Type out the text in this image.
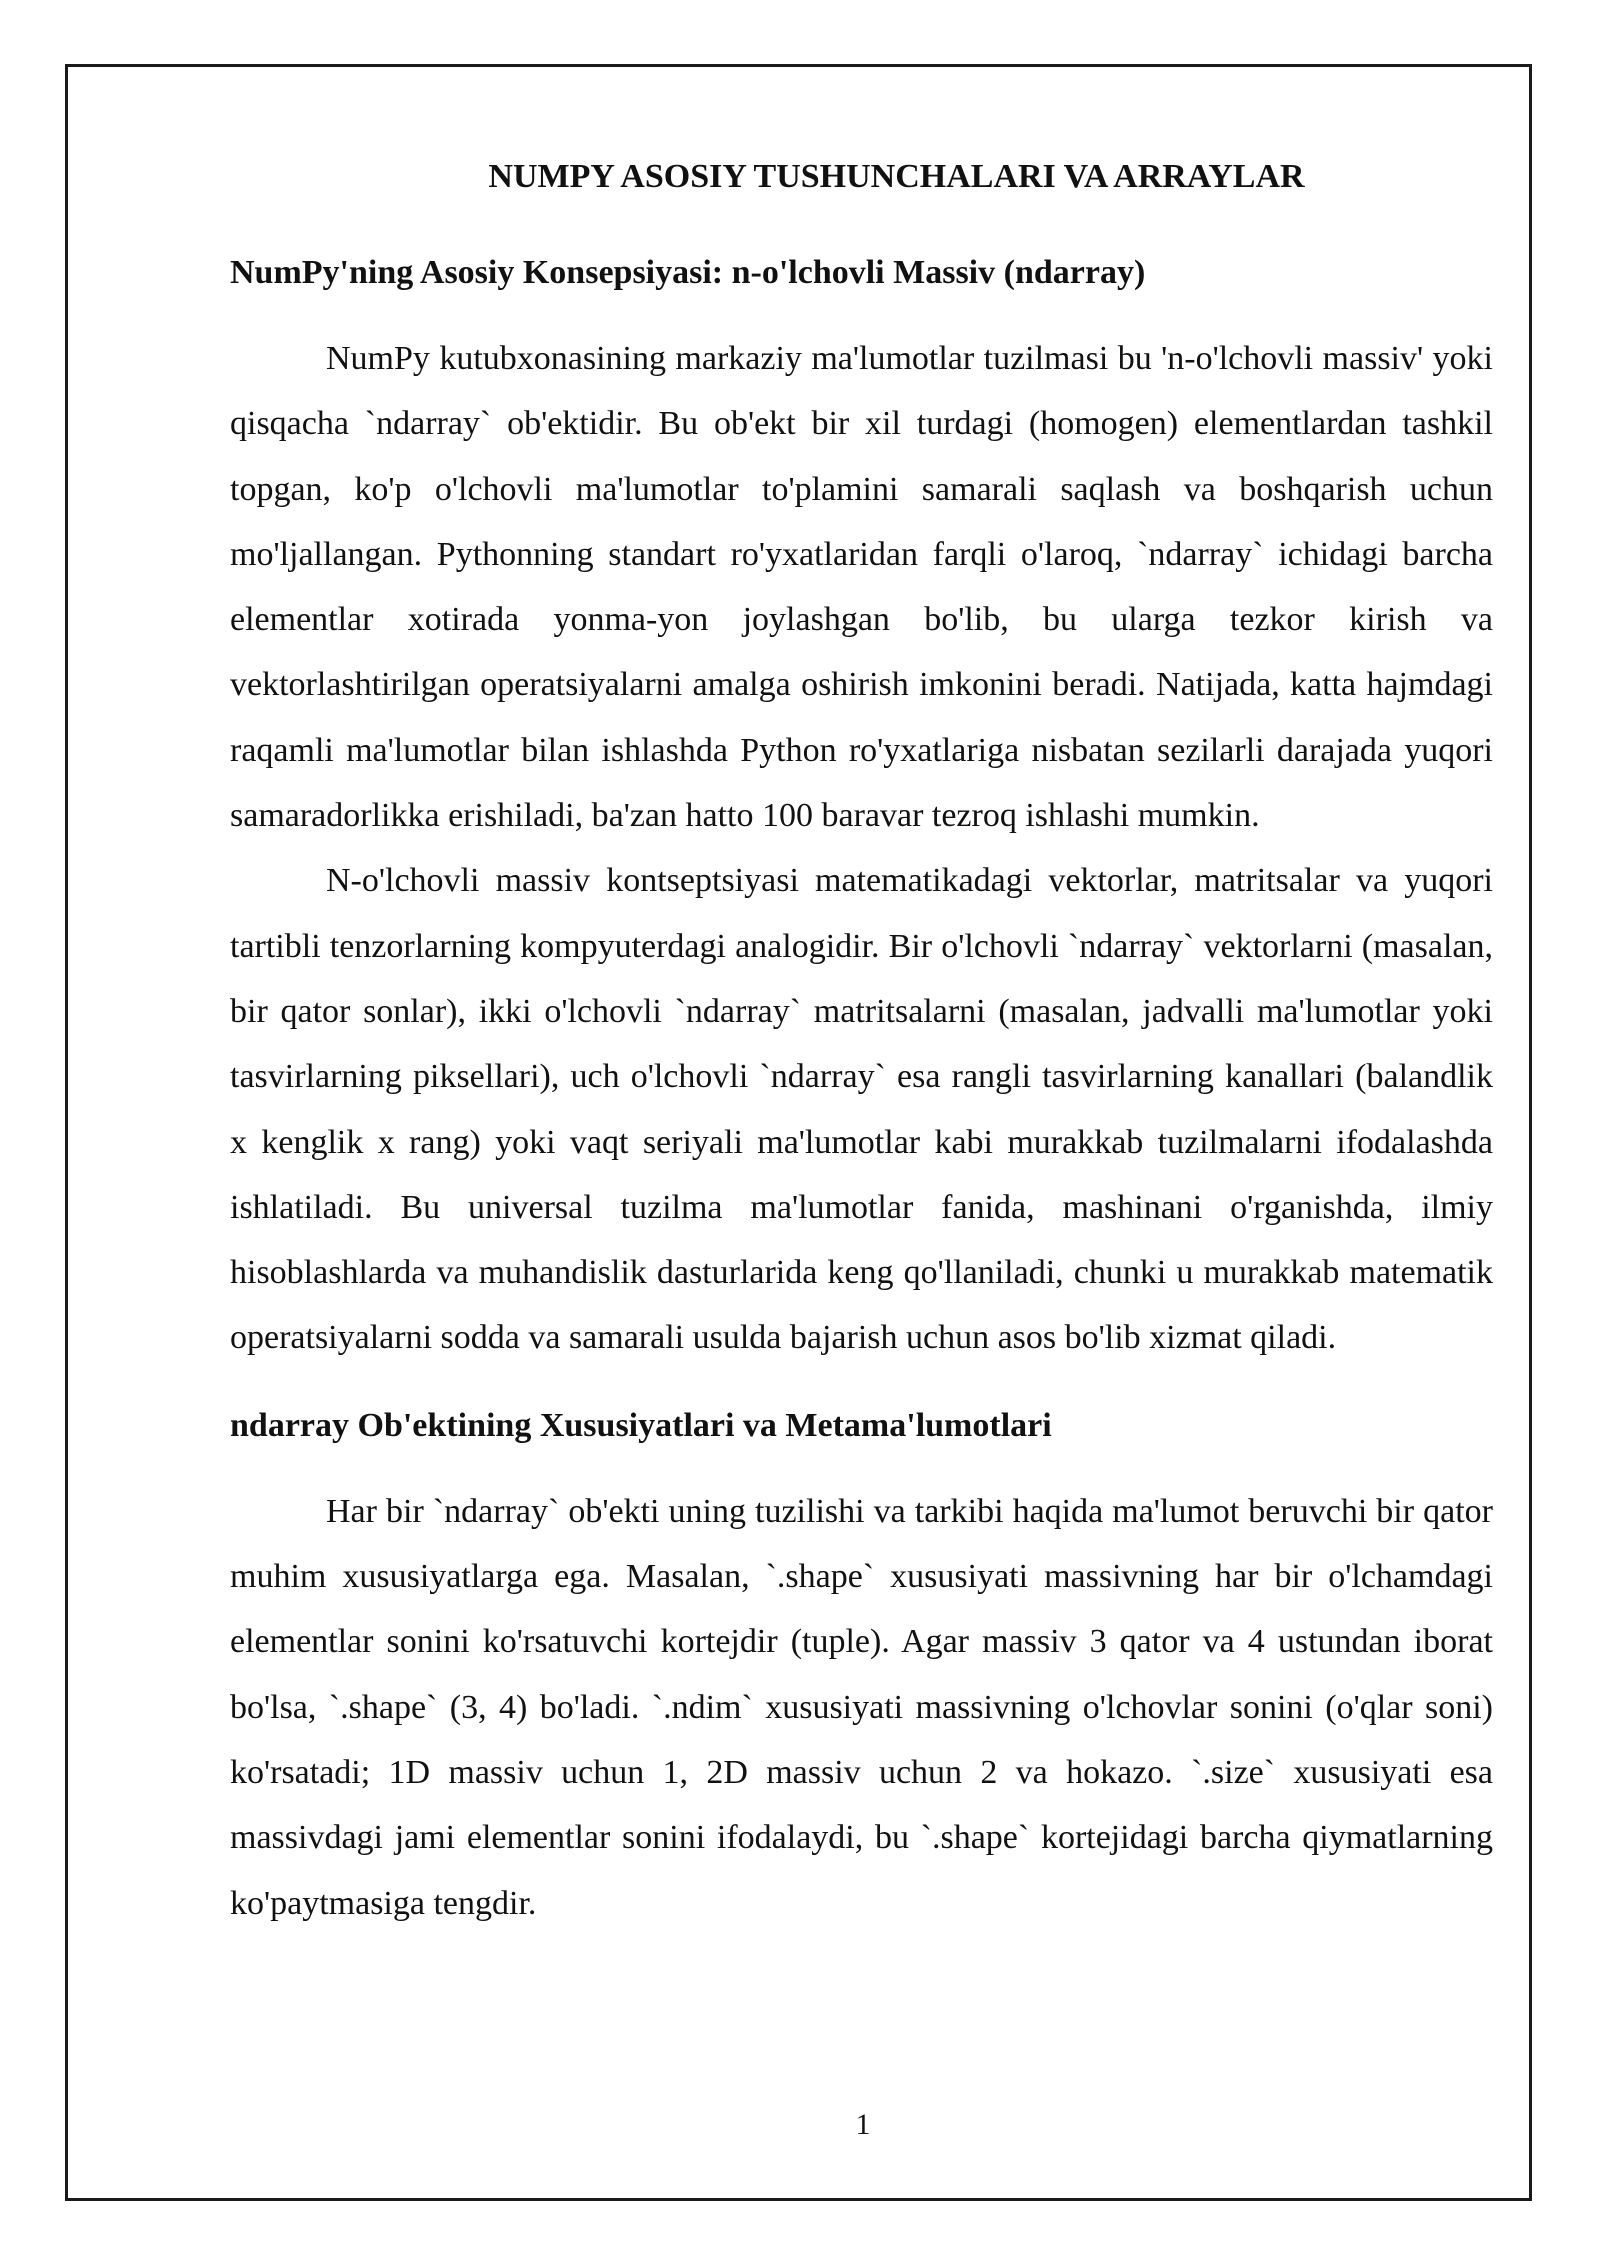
NUMPY ASOSIY TUSHUNCHALARI VA ARRAYLAR
NumPy'ning Asosiy Konsepsiyasi: n-o'lchovli Massiv (ndarray)

NumPy kutubxonasining markaziy ma'lumotlar tuzilmasi bu 'n-o'lchovli massiv' yoki qisqacha `ndarray` ob'ektidir. Bu ob'ekt bir xil turdagi (homogen) elementlardan tashkil topgan, ko'p o'lchovli ma'lumotlar to'plamini samarali saqlash va boshqarish uchun mo'ljallangan. Pythonning standart ro'yxatlaridan farqli o'laroq, `ndarray` ichidagi barcha elementlar xotirada yonma-yon joylashgan bo'lib, bu ularga tezkor kirish va vektorlashtirilgan operatsiyalarni amalga oshirish imkonini beradi. Natijada, katta hajmdagi raqamli ma'lumotlar bilan ishlashda Python ro'yxatlariga nisbatan sezilarli darajada yuqori samaradorlikka erishiladi, ba'zan hatto 100 baravar tezroq ishlashi mumkin.

N-o'lchovli massiv kontseptsiyasi matematikadagi vektorlar, matritsalar va yuqori tartibli tenzorlarning kompyuterdagi analogidir. Bir o'lchovli `ndarray` vektorlarni (masalan, bir qator sonlar), ikki o'lchovli `ndarray` matritsalarni (masalan, jadvalli ma'lumotlar yoki tasvirlarning piksellari), uch o'lchovli `ndarray` esa rangli tasvirlarning kanallari (balandlik x kenglik x rang) yoki vaqt seriyali ma'lumotlar kabi murakkab tuzilmalarni ifodalashda ishlatiladi. Bu universal tuzilma ma'lumotlar fanida, mashinani o'rganishda, ilmiy hisoblashlarda va muhandislik dasturlarida keng qo'llaniladi, chunki u murakkab matematik operatsiyalarni sodda va samarali usulda bajarish uchun asos bo'lib xizmat qiladi.

ndarray Ob'ektining Xususiyatlari va Metama'lumotlari

Har bir `ndarray` ob'ekti uning tuzilishi va tarkibi haqida ma'lumot beruvchi bir qator muhim xususiyatlarga ega. Masalan, `.shape` xususiyati massivning har bir o'lchamdagi elementlar sonini ko'rsatuvchi kortejdir (tuple). Agar massiv 3 qator va 4 ustundan iborat bo'lsa, `.shape` (3, 4) bo'ladi. `.ndim` xususiyati massivning o'lchovlar sonini (o'qlar soni) ko'rsatadi; 1D massiv uchun 1, 2D massiv uchun 2 va hokazo. `.size` xususiyati esa massivdagi jami elementlar sonini ifodalaydi, bu `.shape` kortejidagi barcha qiymatlarning ko'paytmasiga tengdir.

1
